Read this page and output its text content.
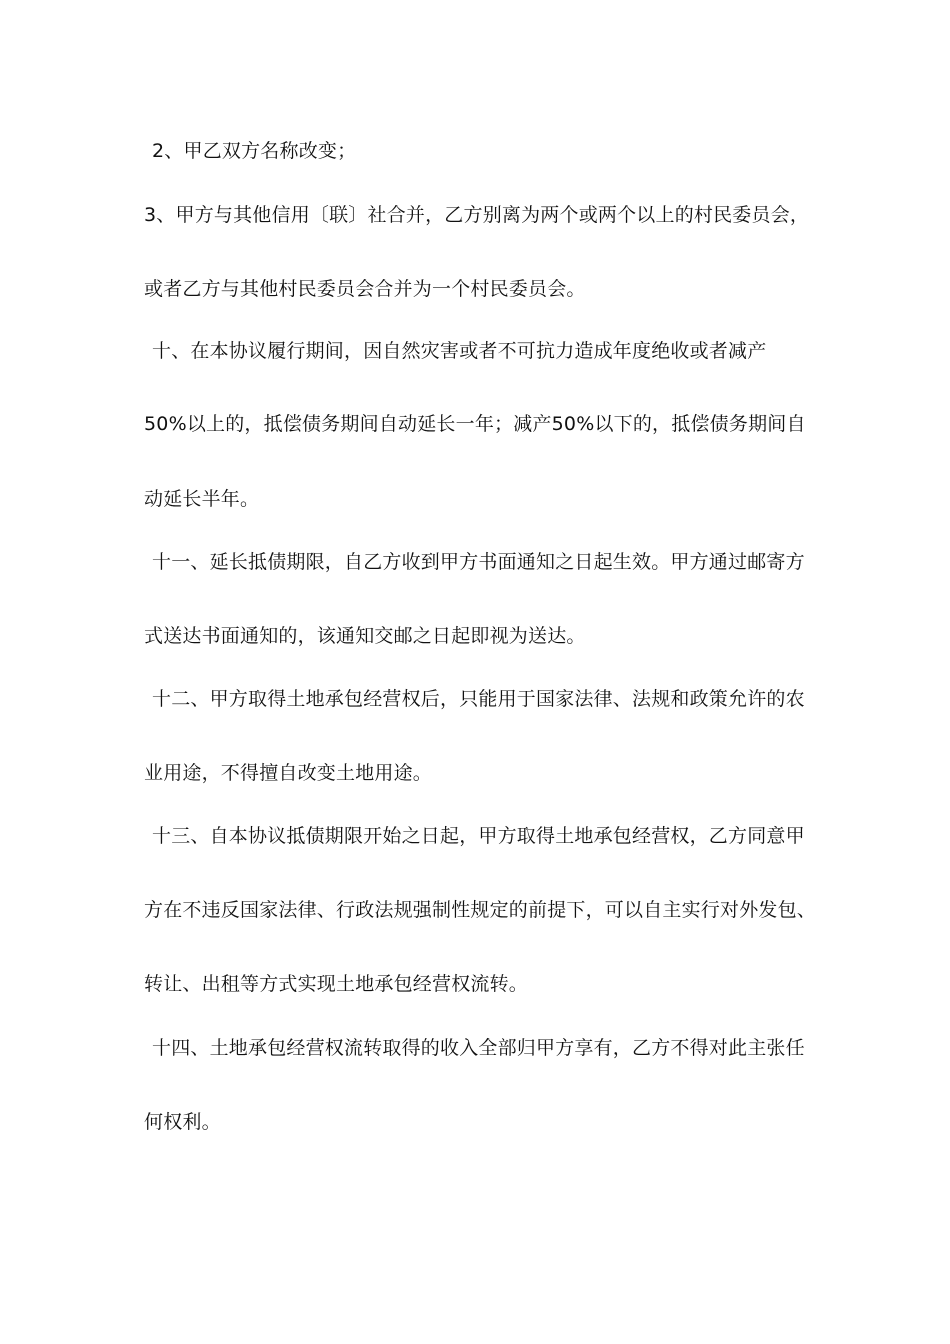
2、甲乙双方名称改变；
3、甲方与其他信用〔联〕社合并，乙方别离为两个或两个以上的村民委员会，
或者乙方与其他村民委员会合并为一个村民委员会。
十、在本协议履行期间，因自然灾害或者不可抗力造成年度绝收或者减产
50%以上的，抵偿债务期间自动延长一年；减产50%以下的，抵偿债务期间自
动延长半年。
十一、延长抵债期限，自乙方收到甲方书面通知之日起生效。甲方通过邮寄方
式送达书面通知的，该通知交邮之日起即视为送达。
十二、甲方取得土地承包经营权后，只能用于国家法律、法规和政策允许的农
业用途，不得擅自改变土地用途。
十三、自本协议抵债期限开始之日起，甲方取得土地承包经营权，乙方同意甲
方在不违反国家法律、行政法规强制性规定的前提下，可以自主实行对外发包、
转让、出租等方式实现土地承包经营权流转。
十四、土地承包经营权流转取得的收入全部归甲方享有，乙方不得对此主张任
何权利。
